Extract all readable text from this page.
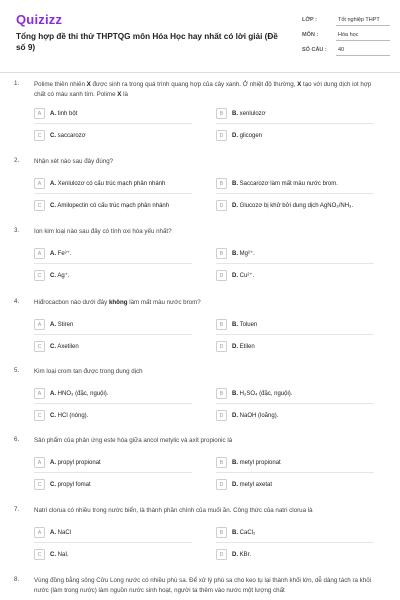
Quizizz
Tổng hợp đề thi thử THPTQG môn Hóa Học hay nhất có lời giải (Đề số 9)
LỚP :	Tốt nghiệp THPT
MÔN :	Hóa học
SỐ CÂU : 40
1. Polime thiên nhiên X được sinh ra trong quá trình quang hợp của cây xanh. Ở nhiệt độ thường, X tạo với dung dịch iot hợp chất có màu xanh tím. Polime X là
A	A. tinh bột	B	B. xenlulozơ
C	C. saccarozơ	D	D. glicogen
2. Nhận xét nào sau đây đúng?
A	A. Xenlulozơ có cấu trúc mạch phân nhánh	B	B. Saccarozơ làm mất màu nước brom.
C	C. Amilopectin có cấu trúc mạch phân nhánh	D	D. Glucozơ bị khử bởi dung dịch AgNO₃/NH₃.
3. Ion kim loại nào sau đây có tính oxi hóa yếu nhất?
A	A. Fe³⁺.	B	B. Mg²⁺.
C	C. Ag⁺.	D	D. Cu²⁺.
4. Hiđrocacbon nào dưới đây không làm mất màu nước brom?
A	A. Stiren	B	B. Toluen
C	C. Axetilen	D	D. Etilen
5. Kim loại crom tan được trong dung dịch
A	A. HNO₃ (đặc, nguội).	B	B. H₂SO₄ (đặc, nguội).
C	C. HCl (nóng).	D	D. NaOH (loãng).
6. Sản phẩm của phản ứng este hóa giữa ancol metylic và axit propionic là
A	A. propyl propionat	B	B. metyl propionat
C	C. propyl fomat	D	D. metyl axetat
7. Natri clorua có nhiều trong nước biển, là thành phần chính của muối ăn. Công thức của natri clorua là
A	A. NaCl	B	B. CaCl₂
C	C. NaI.	D	D. KBr.
8. Vùng đồng bằng sông Cửu Long nước có nhiều phù sa. Để xử lý phù sa cho keo tụ lại thành khối lớn, dễ dàng tách ra khỏi nước (làm trong nước) làm nguồn nước sinh hoạt, người ta thêm vào nước một lượng chất
